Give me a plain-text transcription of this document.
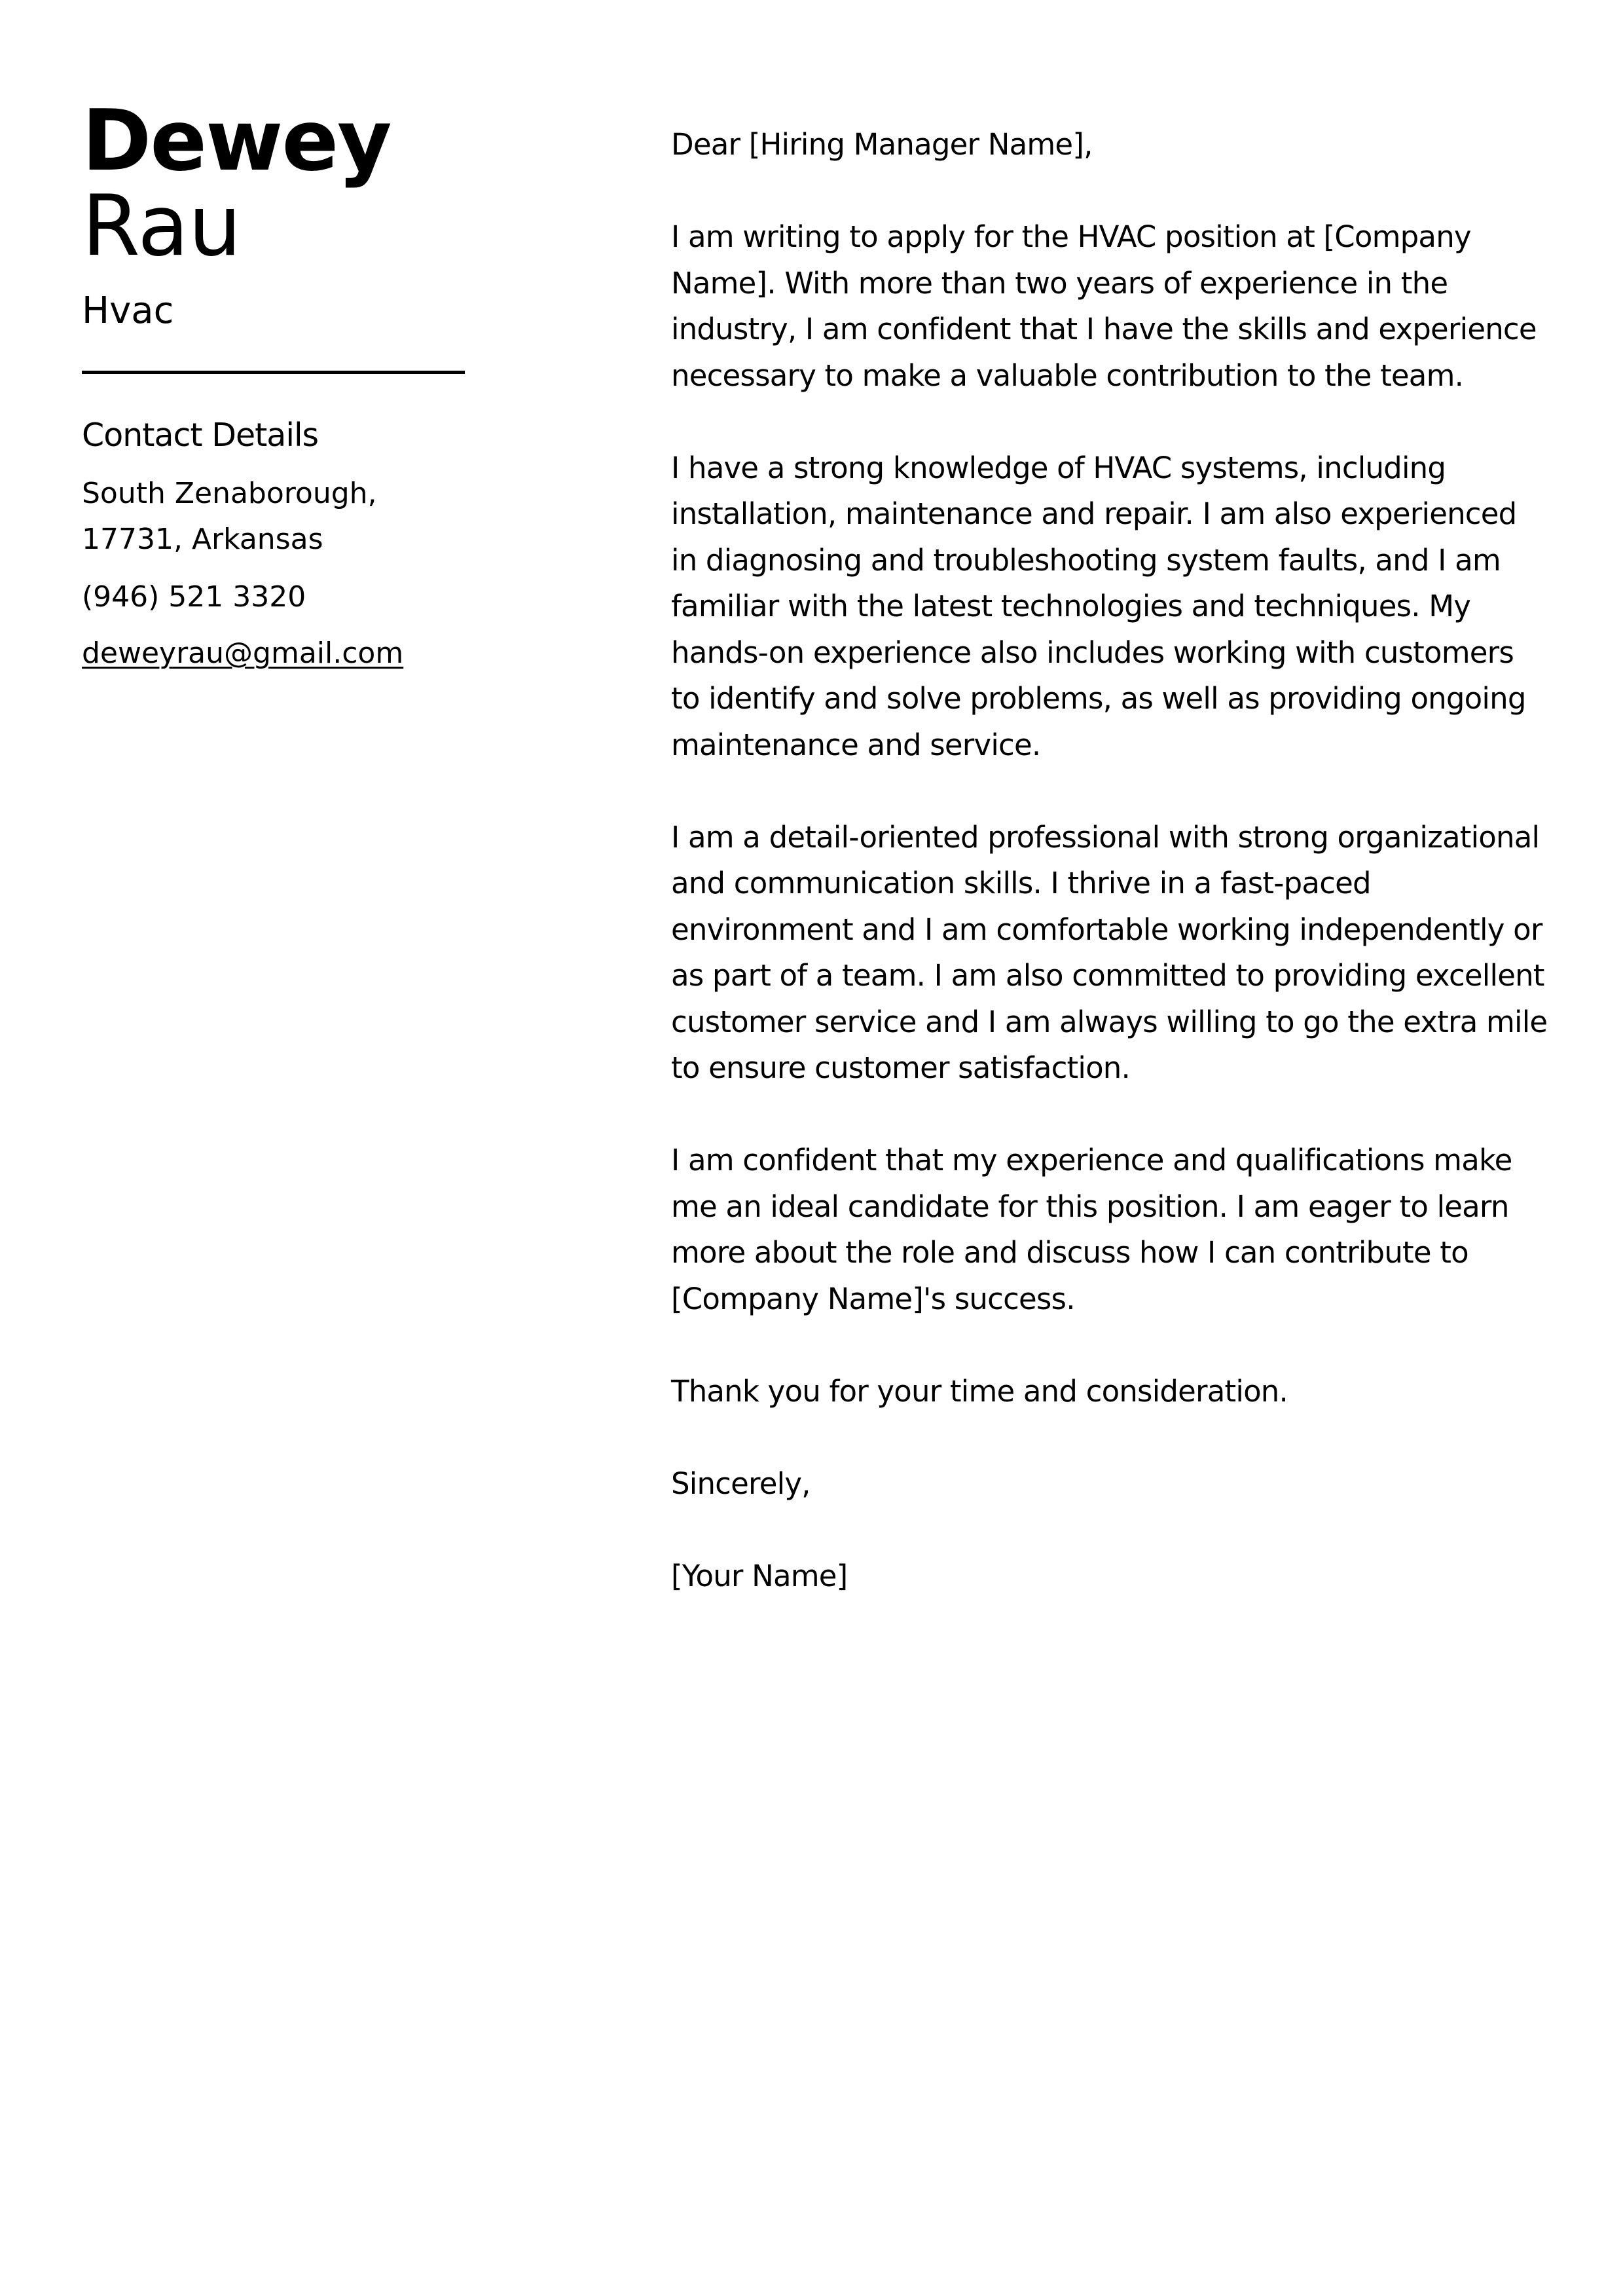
Dewey
Rau
Hvac
Contact Details
South Zenaborough, 17731, Arkansas
(946) 521 3320
deweyrau@gmail.com

Dear [Hiring Manager Name],

I am writing to apply for the HVAC position at [Company Name]. With more than two years of experience in the industry, I am confident that I have the skills and experience necessary to make a valuable contribution to the team.

I have a strong knowledge of HVAC systems, including installation, maintenance and repair. I am also experienced in diagnosing and troubleshooting system faults, and I am familiar with the latest technologies and techniques. My hands-on experience also includes working with customers to identify and solve problems, as well as providing ongoing maintenance and service.

I am a detail-oriented professional with strong organizational and communication skills. I thrive in a fast-paced environment and I am comfortable working independently or as part of a team. I am also committed to providing excellent customer service and I am always willing to go the extra mile to ensure customer satisfaction.

I am confident that my experience and qualifications make me an ideal candidate for this position. I am eager to learn more about the role and discuss how I can contribute to [Company Name]'s success.

Thank you for your time and consideration.

Sincerely,

[Your Name]
